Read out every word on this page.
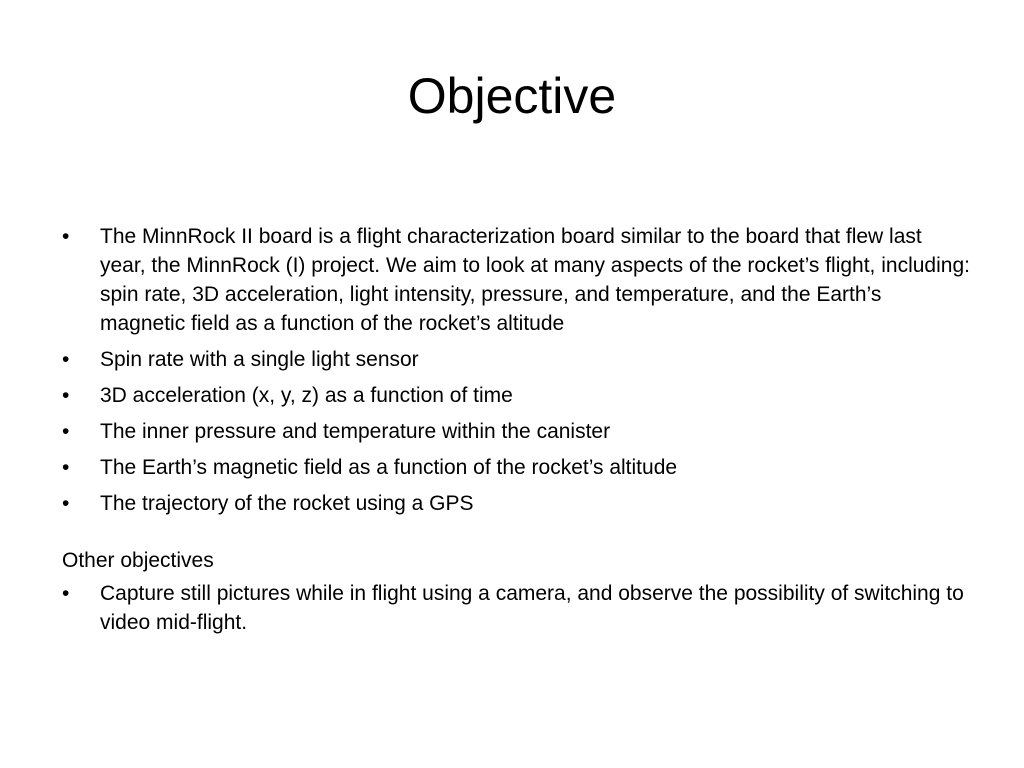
Objective
•	The MinnRock II board is a flight characterization board similar to the board that flew last year, the MinnRock (I) project. We aim to look at many aspects of the rocket’s flight, including: spin rate, 3D acceleration, light intensity, pressure, and temperature, and the Earth’s magnetic field as a function of the rocket’s altitude
•	Spin rate with a single light sensor
•	3D acceleration (x, y, z) as a function of time
•	The inner pressure and temperature within the canister
•	The Earth’s magnetic field as a function of the rocket’s altitude
•	The trajectory of the rocket using a GPS
Other objectives
•	Capture still pictures while in flight using a camera, and observe the possibility of switching to video mid-flight.
